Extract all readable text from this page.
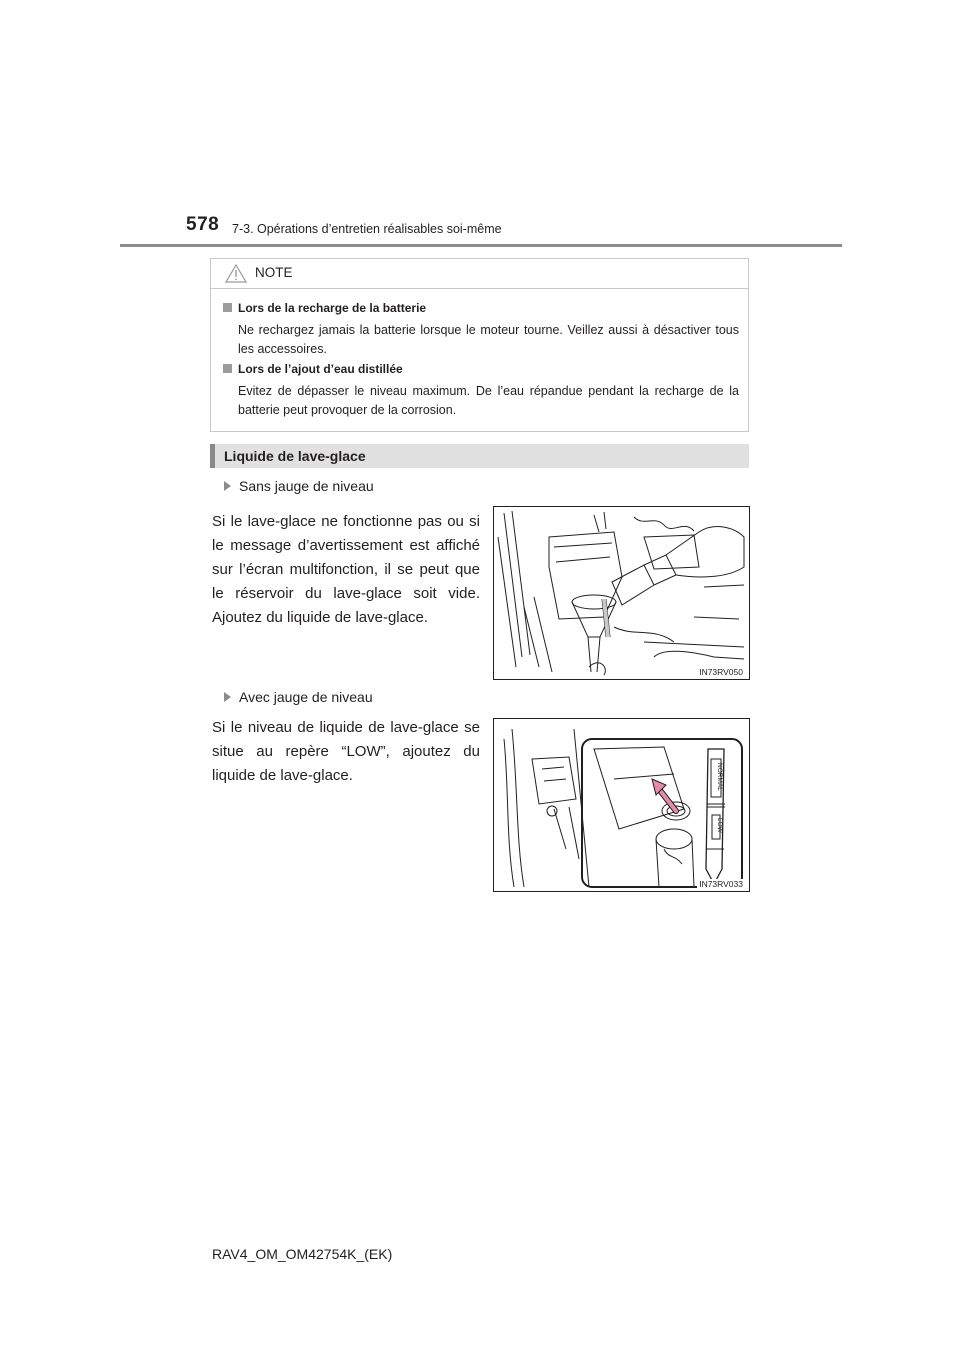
578 7-3. Opérations d’entretien réalisables soi-même
NOTE
Lors de la recharge de la batterie
Ne rechargez jamais la batterie lorsque le moteur tourne. Veillez aussi à désactiver tous les accessoires.
Lors de l’ajout d’eau distillée
Evitez de dépasser le niveau maximum. De l’eau répandue pendant la recharge de la batterie peut provoquer de la corrosion.
Liquide de lave-glace
Sans jauge de niveau
Si le lave-glace ne fonctionne pas ou si le message d’avertissement est affiché sur l’écran multifonction, il se peut que le réservoir du lave-glace soit vide. Ajoutez du liquide de lave-glace.
IN73RV050
Avec jauge de niveau
Si le niveau de liquide de lave-glace se situe au repère “LOW”, ajoutez du liquide de lave-glace.	NORMAL
LOW
IN73RV033
RAV4_OM_OM42754K_(EK)
